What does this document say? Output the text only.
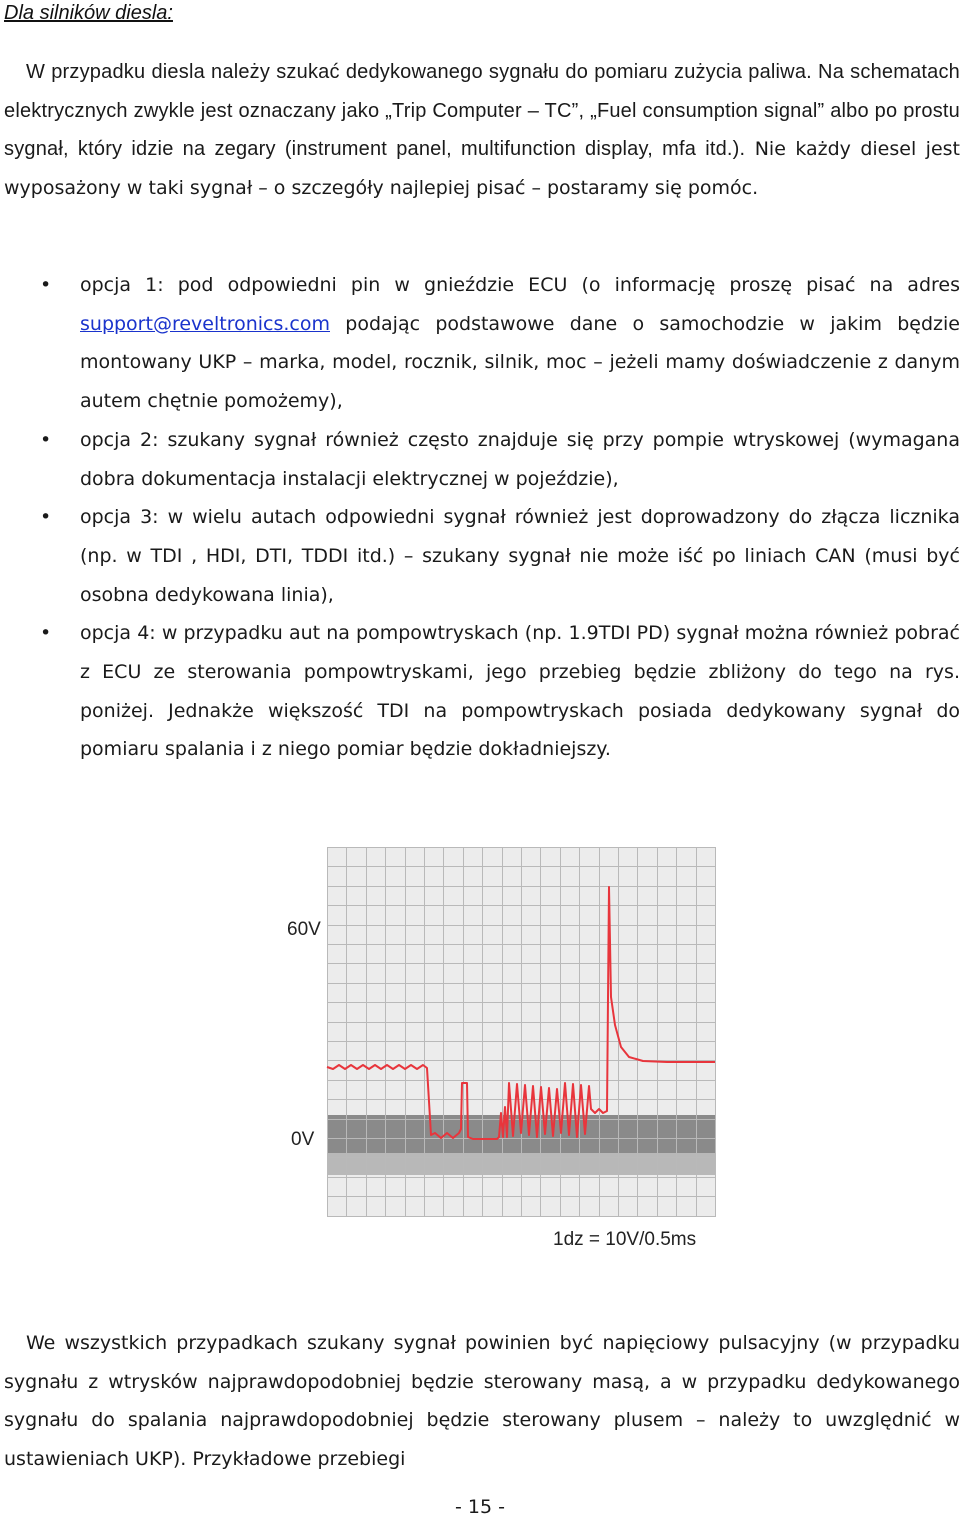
Dla silników diesla:

W przypadku diesla należy szukać dedykowanego sygnału do pomiaru zużycia paliwa. Na schematach elektrycznych zwykle jest oznaczany jako „Trip Computer – TC”, „Fuel consumption signal” albo po prostu sygnał, który idzie na zegary (instrument panel, multifunction display, mfa itd.). Nie każdy diesel jest wyposażony w taki sygnał – o szczegóły najlepiej pisać – postaramy się pomóc.

• opcja 1: pod odpowiedni pin w gnieździe ECU (o informację proszę pisać na adres support@reveltronics.com podając podstawowe dane o samochodzie w jakim będzie montowany UKP – marka, model, rocznik, silnik, moc – jeżeli mamy doświadczenie z danym autem chętnie pomożemy),
• opcja 2: szukany sygnał również często znajduje się przy pompie wtryskowej (wymagana dobra dokumentacja instalacji elektrycznej w pojeździe),
• opcja 3: w wielu autach odpowiedni sygnał również jest doprowadzony do złącza licznika (np. w TDI , HDI, DTI, TDDI itd.) – szukany sygnał nie może iść po liniach CAN (musi być osobna dedykowana linia),
• opcja 4: w przypadku aut na pompowtryskach (np. 1.9TDI PD) sygnał można również pobrać z ECU ze sterowania pompowtryskami, jego przebieg będzie zbliżony do tego na rys. poniżej. Jednakże większość TDI na pompowtryskach posiada dedykowany sygnał do pomiaru spalania i z niego pomiar będzie dokładniejszy.
60V
0V
1dz = 10V/0.5ms

We wszystkich przypadkach szukany sygnał powinien być napięciowy pulsacyjny (w przypadku sygnału z wtrysków najprawdopodobniej będzie sterowany masą, a w przypadku dedykowanego sygnału do spalania najprawdopodobniej będzie sterowany plusem – należy to uwzględnić w ustawieniach UKP). Przykładowe przebiegi

- 15 -
